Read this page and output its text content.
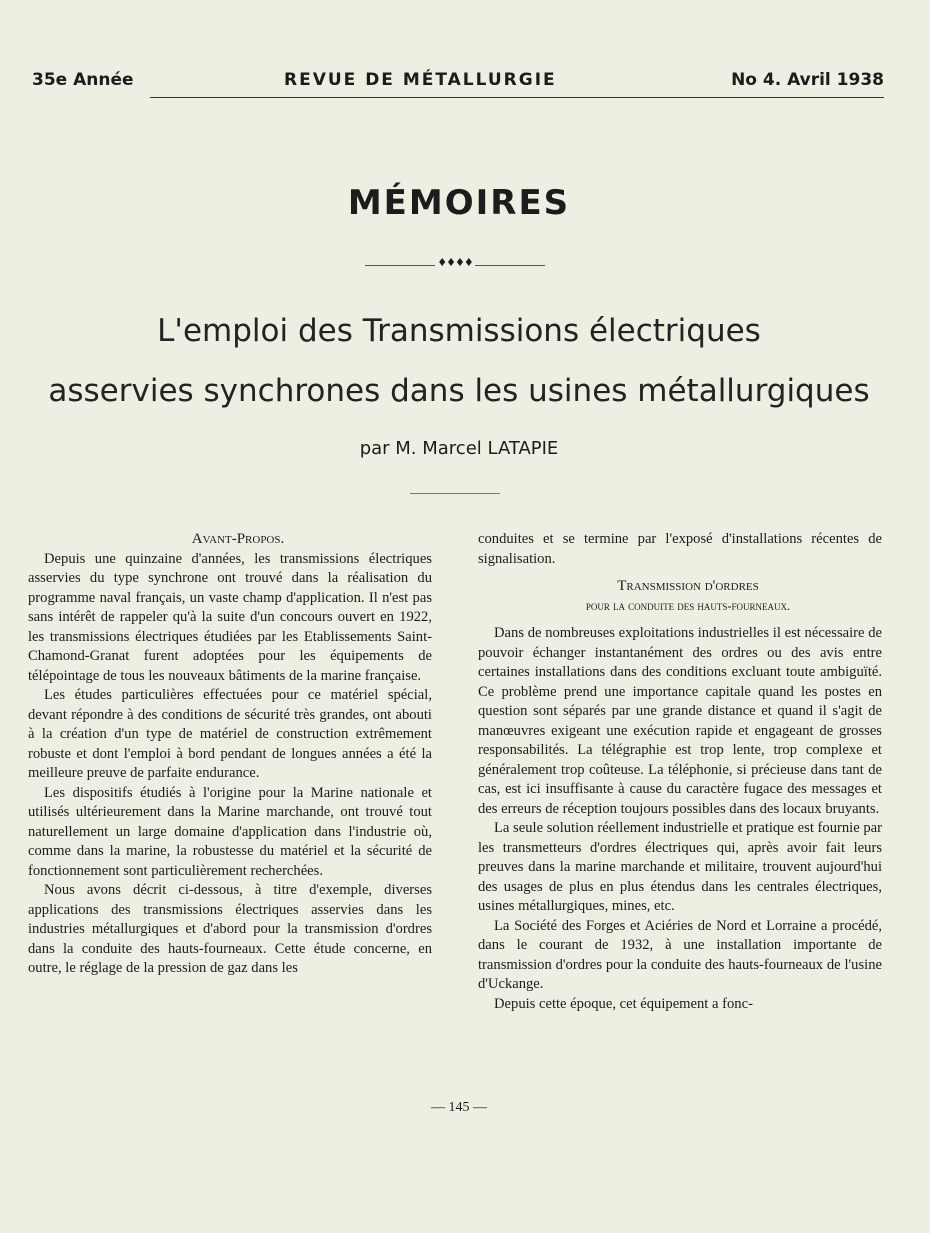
35e Année	REVUE DE MÉTALLURGIE	No 4. Avril 1938
MÉMOIRES
♦♦♦♦
L'emploi des Transmissions électriques
asservies synchrones dans les usines métallurgiques
par M. Marcel LATAPIE

Avant-Propos.

Depuis une quinzaine d'années, les transmissions électriques asservies du type synchrone ont trouvé dans la réalisation du programme naval français, un vaste champ d'application. Il n'est pas sans intérêt de rappeler qu'à la suite d'un concours ouvert en 1922, les transmissions électriques étudiées par les Etablissements Saint-Chamond-Granat furent adoptées pour les équipements de télépointage de tous les nouveaux bâtiments de la marine française.

Les études particulières effectuées pour ce matériel spécial, devant répondre à des conditions de sécurité très grandes, ont abouti à la création d'un type de matériel de construction extrêmement robuste et dont l'emploi à bord pendant de longues années a été la meilleure preuve de parfaite endurance.

Les dispositifs étudiés à l'origine pour la Marine nationale et utilisés ultérieurement dans la Marine marchande, ont trouvé tout naturellement un large domaine d'application dans l'industrie où, comme dans la marine, la robustesse du matériel et la sécurité de fonctionnement sont particulièrement recherchées.

Nous avons décrit ci-dessous, à titre d'exemple, diverses applications des transmissions électriques asservies dans les industries métallurgiques et d'abord pour la transmission d'ordres dans la conduite des hauts-fourneaux. Cette étude concerne, en outre, le réglage de la pression de gaz dans les

conduites et se termine par l'exposé d'installations récentes de signalisation.

Transmission d'ordres

pour la conduite des hauts-fourneaux.

Dans de nombreuses exploitations industrielles il est nécessaire de pouvoir échanger instantanément des ordres ou des avis entre certaines installations dans des conditions excluant toute ambiguïté. Ce problème prend une importance capitale quand les postes en question sont séparés par une grande distance et quand il s'agit de manœuvres exigeant une exécution rapide et engageant de grosses responsabilités. La télégraphie est trop lente, trop complexe et généralement trop coûteuse. La téléphonie, si précieuse dans tant de cas, est ici insuffisante à cause du caractère fugace des messages et des erreurs de réception toujours possibles dans des locaux bruyants.

La seule solution réellement industrielle et pratique est fournie par les transmetteurs d'ordres électriques qui, après avoir fait leurs preuves dans la marine marchande et militaire, trouvent aujourd'hui des usages de plus en plus étendus dans les centrales électriques, usines métallurgiques, mines, etc.

La Société des Forges et Aciéries de Nord et Lorraine a procédé, dans le courant de 1932, à une installation importante de transmission d'ordres pour la conduite des hauts-fourneaux de l'usine d'Uckange.

Depuis cette époque, cet équipement a fonc-

— 145 —
